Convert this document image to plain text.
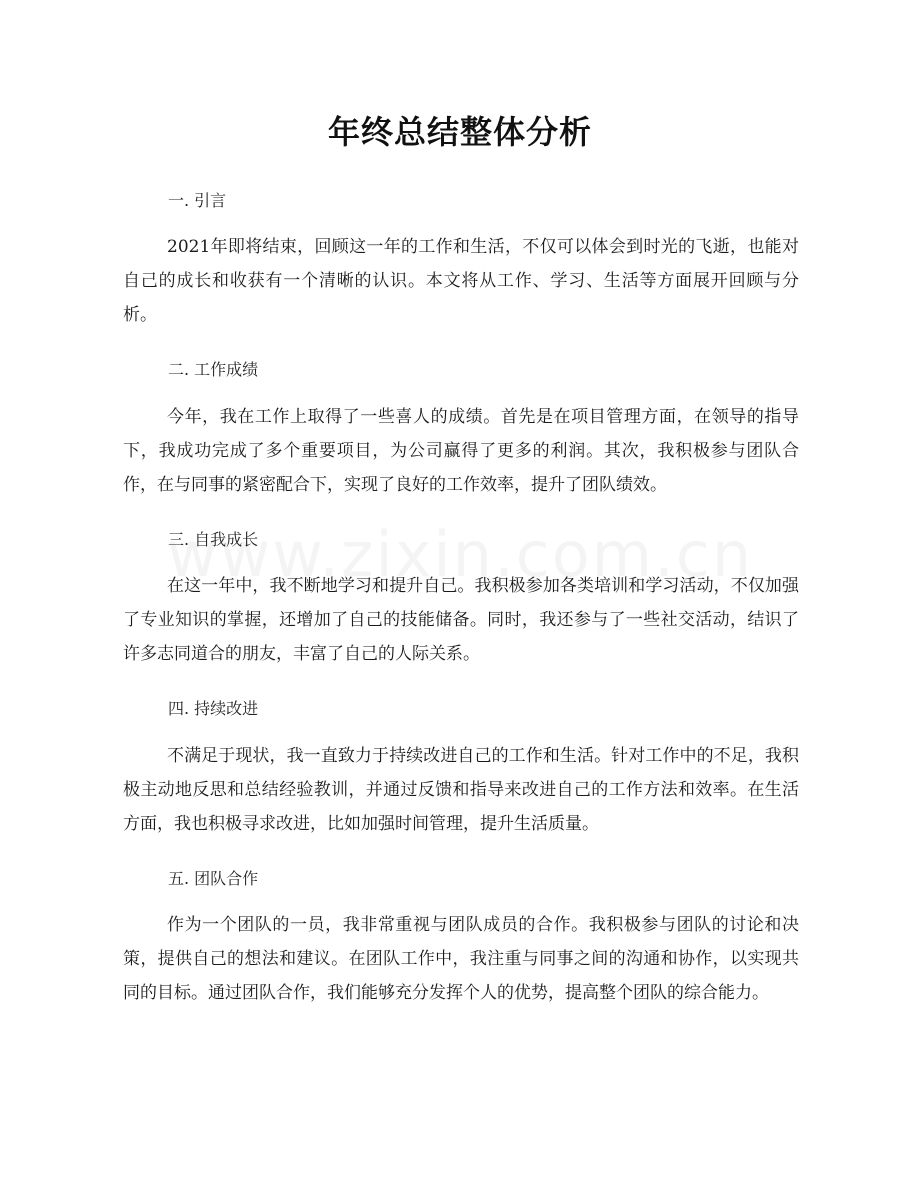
年终总结整体分析
一. 引言

2021年即将结束，回顾这一年的工作和生活，不仅可以体会到时光的飞逝，也能对自己的成长和收获有一个清晰的认识。本文将从工作、学习、生活等方面展开回顾与分析。

二. 工作成绩

今年，我在工作上取得了一些喜人的成绩。首先是在项目管理方面，在领导的指导下，我成功完成了多个重要项目，为公司赢得了更多的利润。其次，我积极参与团队合作，在与同事的紧密配合下，实现了良好的工作效率，提升了团队绩效。

三. 自我成长

在这一年中，我不断地学习和提升自己。我积极参加各类培训和学习活动，不仅加强了专业知识的掌握，还增加了自己的技能储备。同时，我还参与了一些社交活动，结识了许多志同道合的朋友，丰富了自己的人际关系。

四. 持续改进

不满足于现状，我一直致力于持续改进自己的工作和生活。针对工作中的不足，我积极主动地反思和总结经验教训，并通过反馈和指导来改进自己的工作方法和效率。在生活方面，我也积极寻求改进，比如加强时间管理，提升生活质量。

五. 团队合作

作为一个团队的一员，我非常重视与团队成员的合作。我积极参与团队的讨论和决策，提供自己的想法和建议。在团队工作中，我注重与同事之间的沟通和协作，以实现共同的目标。通过团队合作，我们能够充分发挥个人的优势，提高整个团队的综合能力。
